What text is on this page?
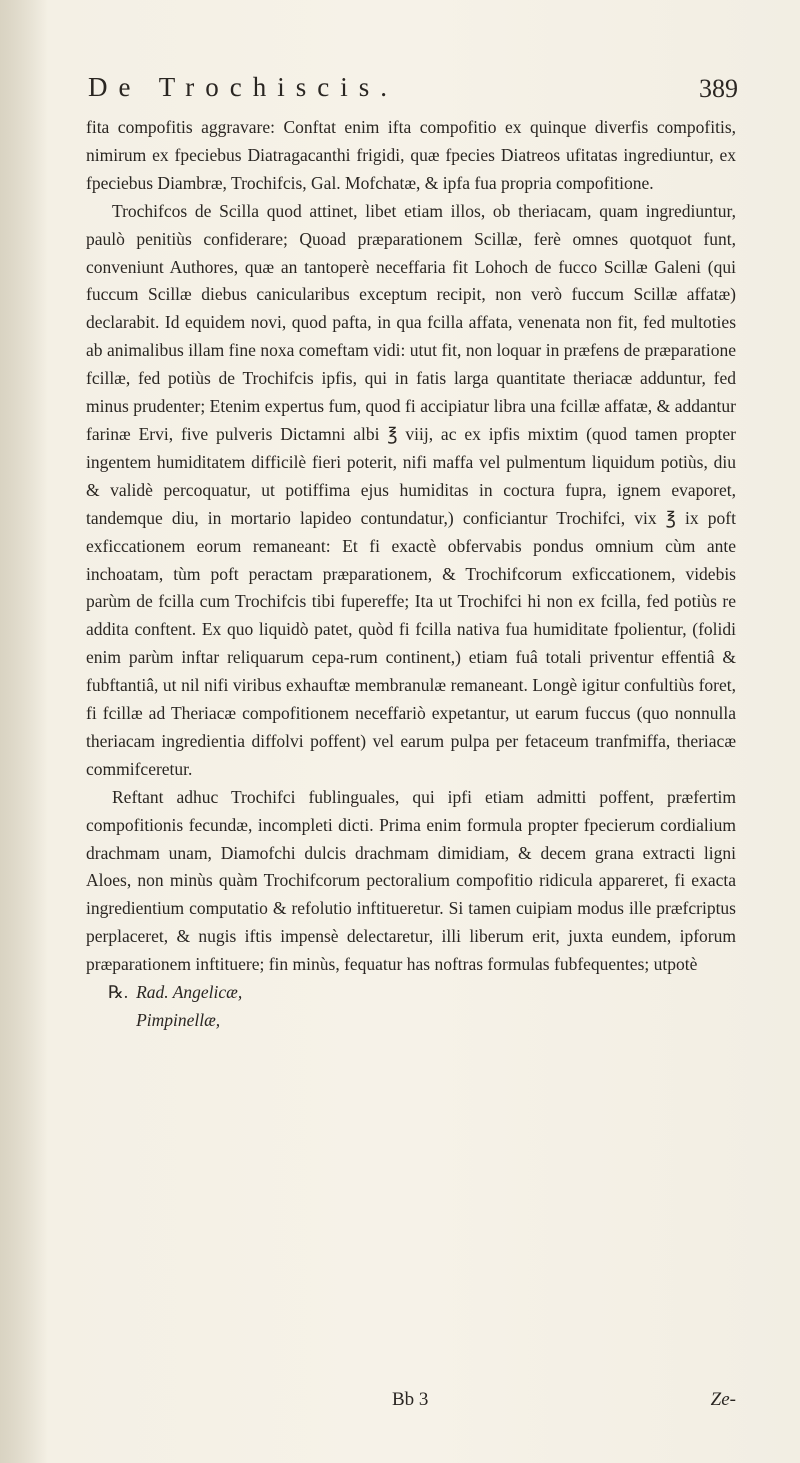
De Trochiscis.	389

fita compofitis aggravare: Conftat enim ifta compofitio ex quinque diverfis compofitis, nimirum ex fpeciebus Diatragacanthi frigidi, quæ fpecies Diatreos ufitatas ingrediuntur, ex fpeciebus Diambræ, Trochifcis, Gal. Mofchatæ, & ipfa fua propria compofitione.

Trochifcos de Scilla quod attinet, libet etiam illos, ob theriacam, quam ingrediuntur, paulò penitiùs confiderare; Quoad præparationem Scillæ, ferè omnes quotquot funt, conveniunt Authores, quæ an tantoperè neceffaria fit Lohoch de fucco Scillæ Galeni (qui fuccum Scillæ diebus canicularibus exceptum recipit, non verò fuccum Scillæ affatæ) declarabit. Id equidem novi, quod pafta, in qua fcilla affata, venenata non fit, fed multoties ab animalibus illam fine noxa comeftam vidi: utut fit, non loquar in præfens de præparatione fcillæ, fed potiùs de Trochifcis ipfis, qui in fatis larga quantitate theriacæ adduntur, fed minus prudenter; Etenim expertus fum, quod fi accipiatur libra una fcillæ affatæ, & addantur farinæ Ervi, five pulveris Dictamni albi ℥ viij, ac ex ipfis mixtim (quod tamen propter ingentem humiditatem difficilè fieri poterit, nifi maffa vel pulmentum liquidum potiùs, diu & validè percoquatur, ut potiffima ejus humiditas in coctura fupra, ignem evaporet, tandemque diu, in mortario lapideo contundatur,) conficiantur Trochifci, vix ℥ ix poft exficcationem eorum remaneant: Et fi exactè obfervabis pondus omnium cùm ante inchoatam, tùm poft peractam præparationem, & Trochifcorum exficcationem, videbis parùm de fcilla cum Trochifcis tibi fupereffe; Ita ut Trochifci hi non ex fcilla, fed potiùs re addita conftent. Ex quo liquidò patet, quòd fi fcilla nativa fua humiditate fpolientur, (folidi enim parùm inftar reliquarum cepa-rum continent,) etiam fuâ totali priventur effentiâ & fubftantiâ, ut nil nifi viribus exhauftæ membranulæ remaneant. Longè igitur confultiùs foret, fi fcillæ ad Theriacæ compofitionem neceffariò expetantur, ut earum fuccus (quo nonnulla theriacam ingredientia diffolvi poffent) vel earum pulpa per fetaceum tranfmiffa, theriacæ commifceretur.

Reftant adhuc Trochifci fublinguales, qui ipfi etiam admitti poffent, præfertim compofitionis fecundæ, incompleti dicti. Prima enim formula propter fpecierum cordialium drachmam unam, Diamofchi dulcis drachmam dimidiam, & decem grana extracti ligni Aloes, non minùs quàm Trochifcorum pectoralium compofitio ridicula appareret, fi exacta ingredientium computatio & refolutio inftitueretur. Si tamen cuipiam modus ille præfcriptus perplaceret, & nugis iftis impensè delectaretur, illi liberum erit, juxta eundem, ipforum præparationem inftituere; fin minùs, fequatur has noftras formulas fubfequentes; utpotè

℞. Rad. Angelicæ,
Pimpinellæ,
Bb 3	Ze-
